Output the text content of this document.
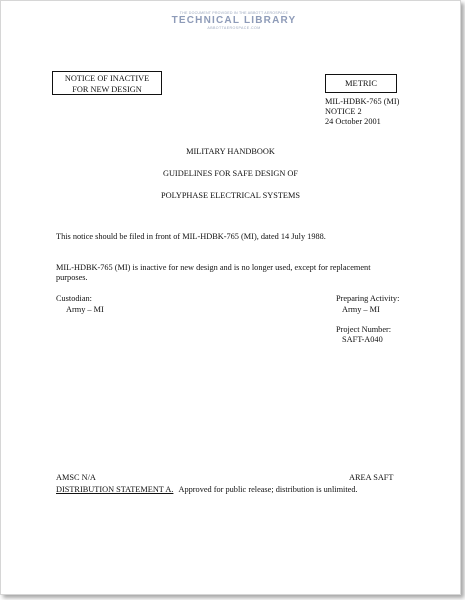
THE DOCUMENT PROVIDED IN THE ABBOTT AEROSPACE
TECHNICAL LIBRARY
ABBOTTAEROSPACE.COM
NOTICE OF INACTIVE
FOR NEW DESIGN
METRIC
MIL-HDBK-765 (MI)
NOTICE 2
24 October 2001
MILITARY HANDBOOK
GUIDELINES FOR SAFE DESIGN OF
POLYPHASE ELECTRICAL SYSTEMS
This notice should be filed in front of MIL-HDBK-765 (MI), dated 14 July 1988.
MIL-HDBK-765 (MI) is inactive for new design and is no longer used, except for replacement
purposes.
Custodian:
Army – MI
Preparing Activity:
Army – MI
Project Number:
SAFT-A040
AMSC N/A	AREA SAFT
DISTRIBUTION STATEMENT A. Approved for public release; distribution is unlimited.
